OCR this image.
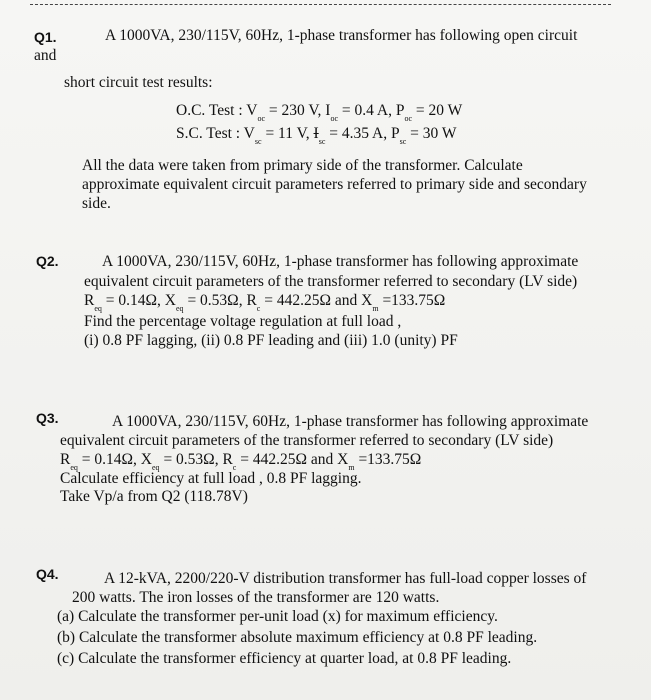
Q1.	A 1000VA, 230/115V, 60Hz, 1-phase transformer has following open circuit
and
short circuit test results:
O.C. Test : $V_{oc} = 230$ V, $I_{oc} = 0.4$ A, $P_{oc} = 20$ W
S.C. Test : $V_{sc} = 11$ V, $I_{sc} = 4.35$ A, $P_{sc} = 30$ W
All the data were taken from primary side of the transformer. Calculate
approximate equivalent circuit parameters referred to primary side and secondary
side.
Q2.	A 1000VA, 230/115V, 60Hz, 1-phase transformer has following approximate
equivalent circuit parameters of the transformer referred to secondary (LV side)
$R_{eq} = 0.14\Omega$, $X_{eq} = 0.53\Omega$, $R_c = 442.25\Omega$ and $X_m =133.75\Omega$
Find the percentage voltage regulation at full load ,
(i) 0.8 PF lagging, (ii) 0.8 PF leading and (iii) 1.0 (unity) PF
Q3.	A 1000VA, 230/115V, 60Hz, 1-phase transformer has following approximate
equivalent circuit parameters of the transformer referred to secondary (LV side)
$R_{eq} = 0.14\Omega$, $X_{eq} = 0.53\Omega$, $R_c = 442.25\Omega$ and $X_m =133.75\Omega$
Calculate efficiency at full load , 0.8 PF lagging.
Take Vp/a from Q2 (118.78V)
Q4.	A 12-kVA, 2200/220-V distribution transformer has full-load copper losses of
200 watts. The iron losses of the transformer are 120 watts.
(a) Calculate the transformer per-unit load (x) for maximum efficiency.
(b) Calculate the transformer absolute maximum efficiency at 0.8 PF leading.
(c) Calculate the transformer efficiency at quarter load, at 0.8 PF leading.
